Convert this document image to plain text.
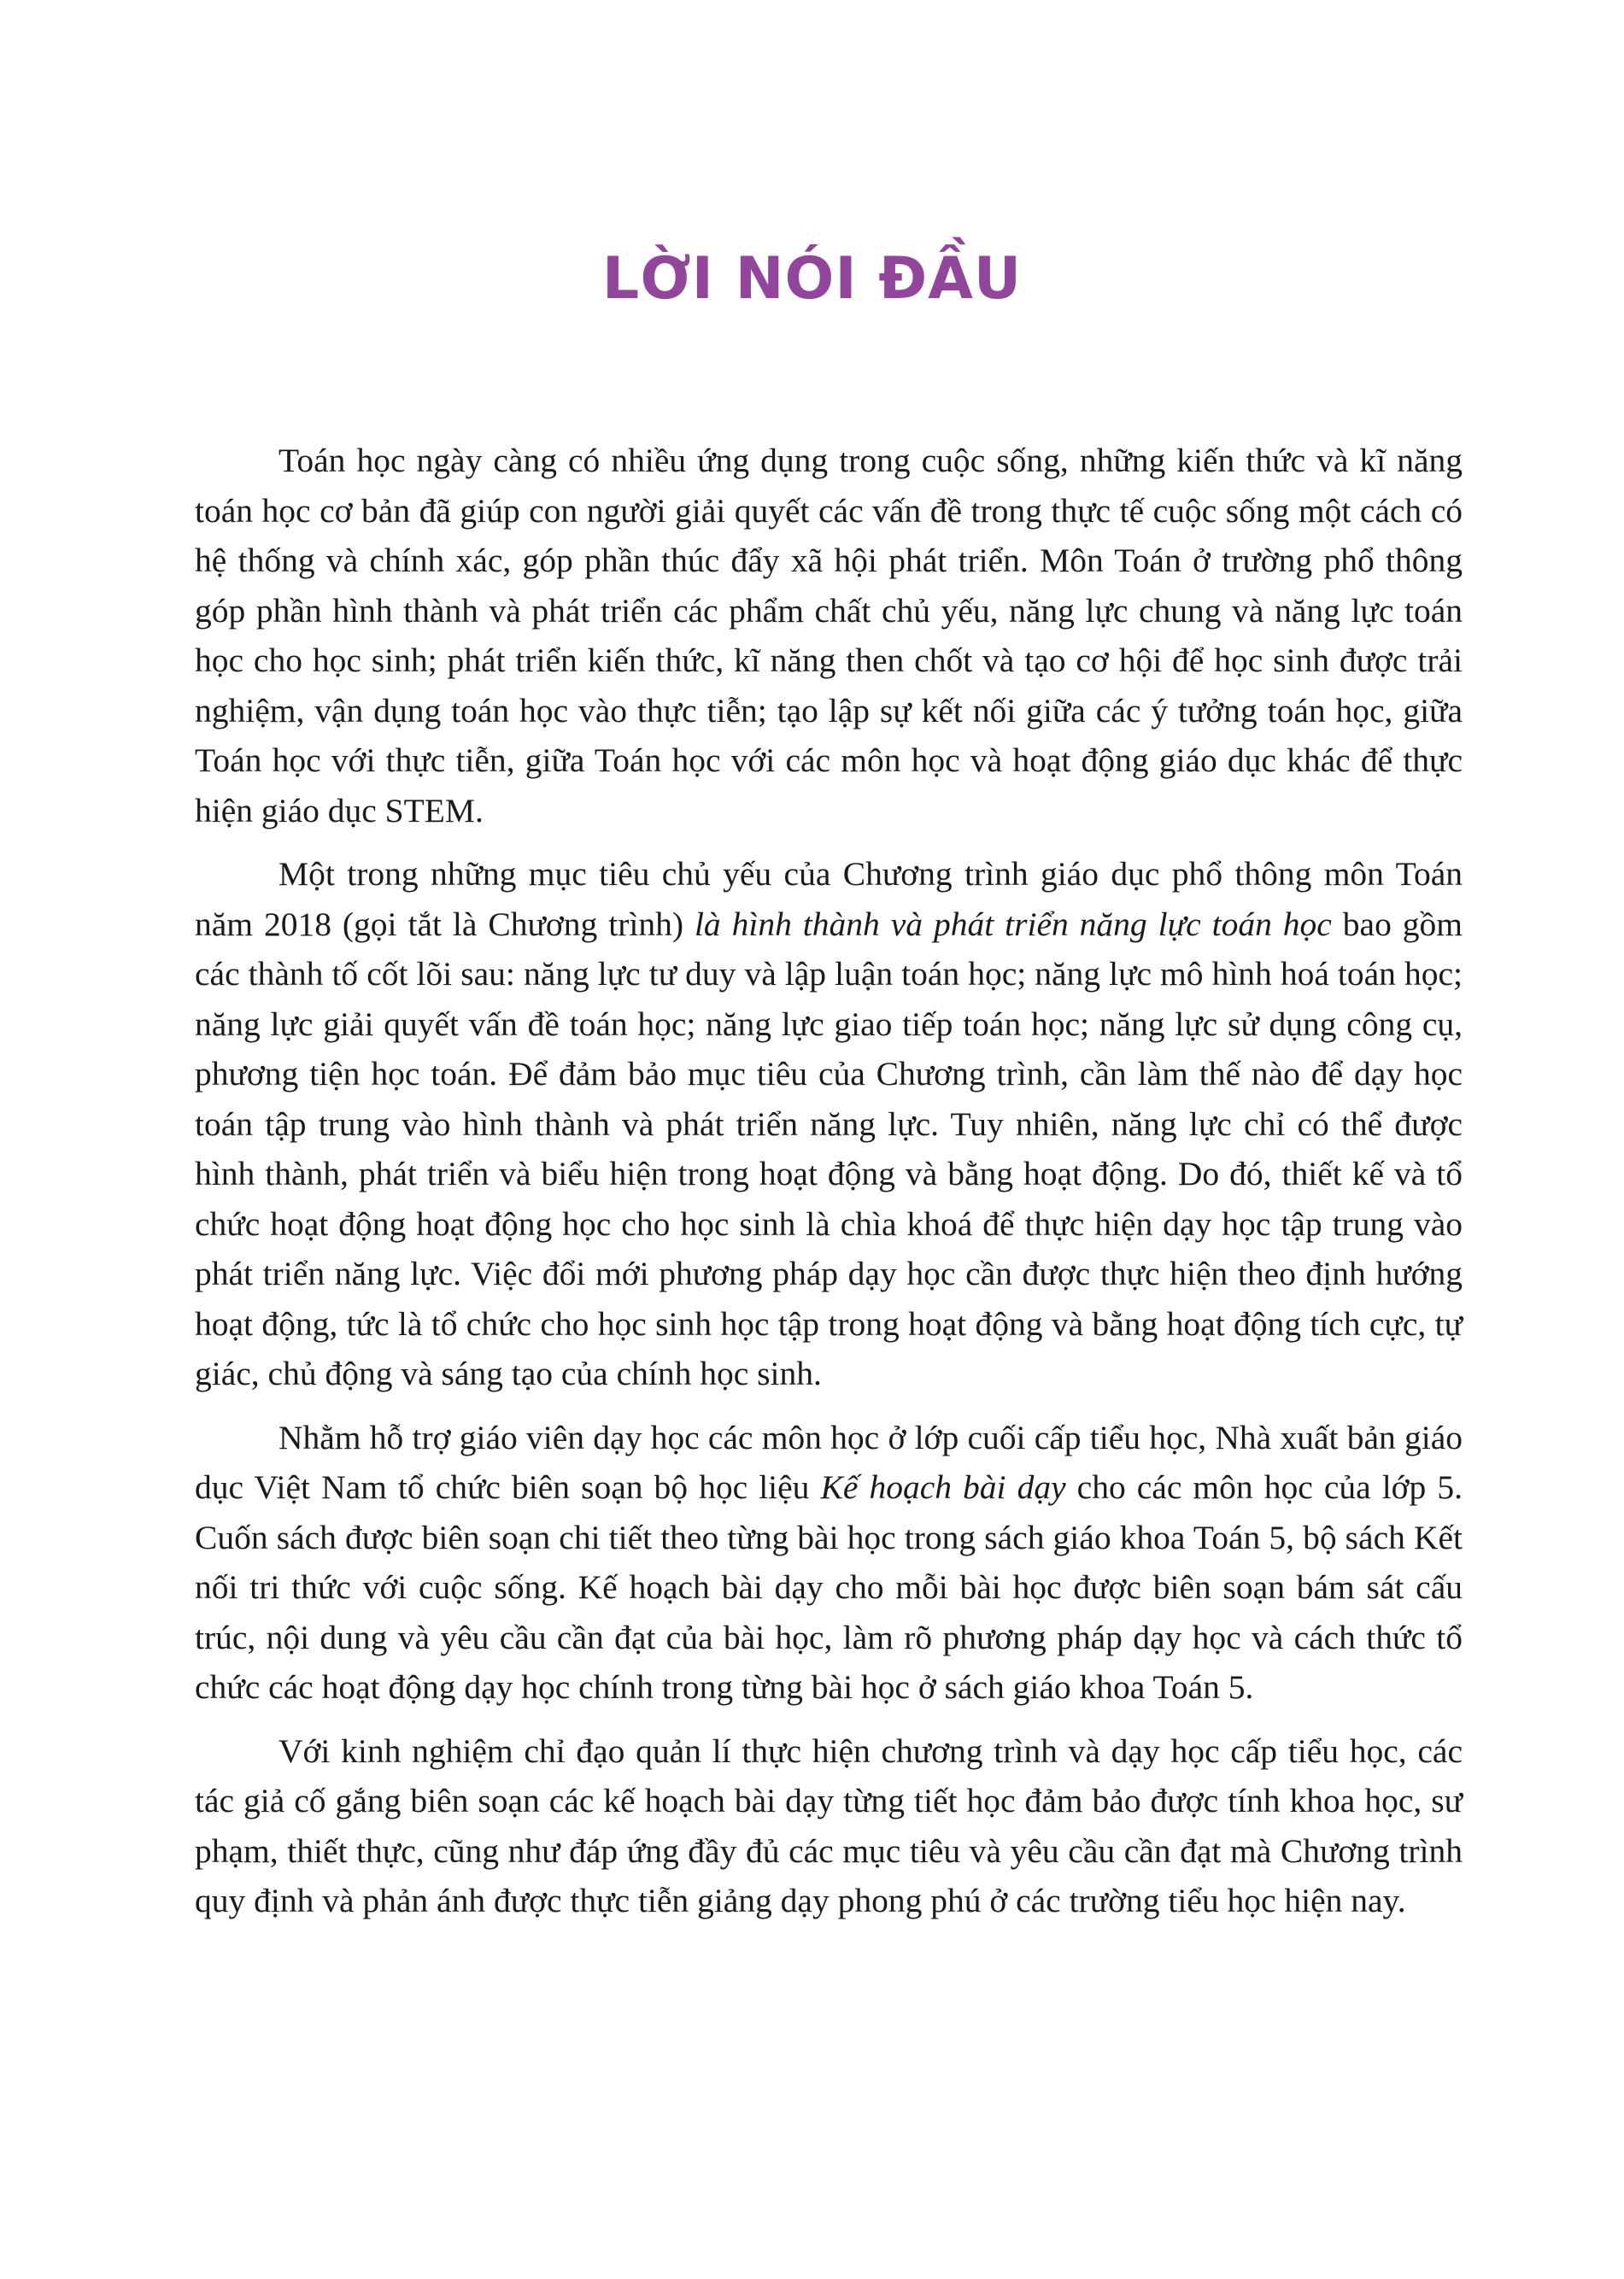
LỜI NÓI ĐẦU

Toán học ngày càng có nhiều ứng dụng trong cuộc sống, những kiến thức và kĩ năng toán học cơ bản đã giúp con người giải quyết các vấn đề trong thực tế cuộc sống một cách có hệ thống và chính xác, góp phần thúc đẩy xã hội phát triển. Môn Toán ở trường phổ thông góp phần hình thành và phát triển các phẩm chất chủ yếu, năng lực chung và năng lực toán học cho học sinh; phát triển kiến thức, kĩ năng then chốt và tạo cơ hội để học sinh được trải nghiệm, vận dụng toán học vào thực tiễn; tạo lập sự kết nối giữa các ý tưởng toán học, giữa Toán học với thực tiễn, giữa Toán học với các môn học và hoạt động giáo dục khác để thực hiện giáo dục STEM.

Một trong những mục tiêu chủ yếu của Chương trình giáo dục phổ thông môn Toán năm 2018 (gọi tắt là Chương trình) là hình thành và phát triển năng lực toán học bao gồm các thành tố cốt lõi sau: năng lực tư duy và lập luận toán học; năng lực mô hình hoá toán học; năng lực giải quyết vấn đề toán học; năng lực giao tiếp toán học; năng lực sử dụng công cụ, phương tiện học toán. Để đảm bảo mục tiêu của Chương trình, cần làm thế nào để dạy học toán tập trung vào hình thành và phát triển năng lực. Tuy nhiên, năng lực chỉ có thể được hình thành, phát triển và biểu hiện trong hoạt động và bằng hoạt động. Do đó, thiết kế và tổ chức hoạt động hoạt động học cho học sinh là chìa khoá để thực hiện dạy học tập trung vào phát triển năng lực. Việc đổi mới phương pháp dạy học cần được thực hiện theo định hướng hoạt động, tức là tổ chức cho học sinh học tập trong hoạt động và bằng hoạt động tích cực, tự giác, chủ động và sáng tạo của chính học sinh.

Nhằm hỗ trợ giáo viên dạy học các môn học ở lớp cuối cấp tiểu học, Nhà xuất bản giáo dục Việt Nam tổ chức biên soạn bộ học liệu Kế hoạch bài dạy cho các môn học của lớp 5. Cuốn sách được biên soạn chi tiết theo từng bài học trong sách giáo khoa Toán 5, bộ sách Kết nối tri thức với cuộc sống. Kế hoạch bài dạy cho mỗi bài học được biên soạn bám sát cấu trúc, nội dung và yêu cầu cần đạt của bài học, làm rõ phương pháp dạy học và cách thức tổ chức các hoạt động dạy học chính trong từng bài học ở sách giáo khoa Toán 5.

Với kinh nghiệm chỉ đạo quản lí thực hiện chương trình và dạy học cấp tiểu học, các tác giả cố gắng biên soạn các kế hoạch bài dạy từng tiết học đảm bảo được tính khoa học, sư phạm, thiết thực, cũng như đáp ứng đầy đủ các mục tiêu và yêu cầu cần đạt mà Chương trình quy định và phản ánh được thực tiễn giảng dạy phong phú ở các trường tiểu học hiện nay.
